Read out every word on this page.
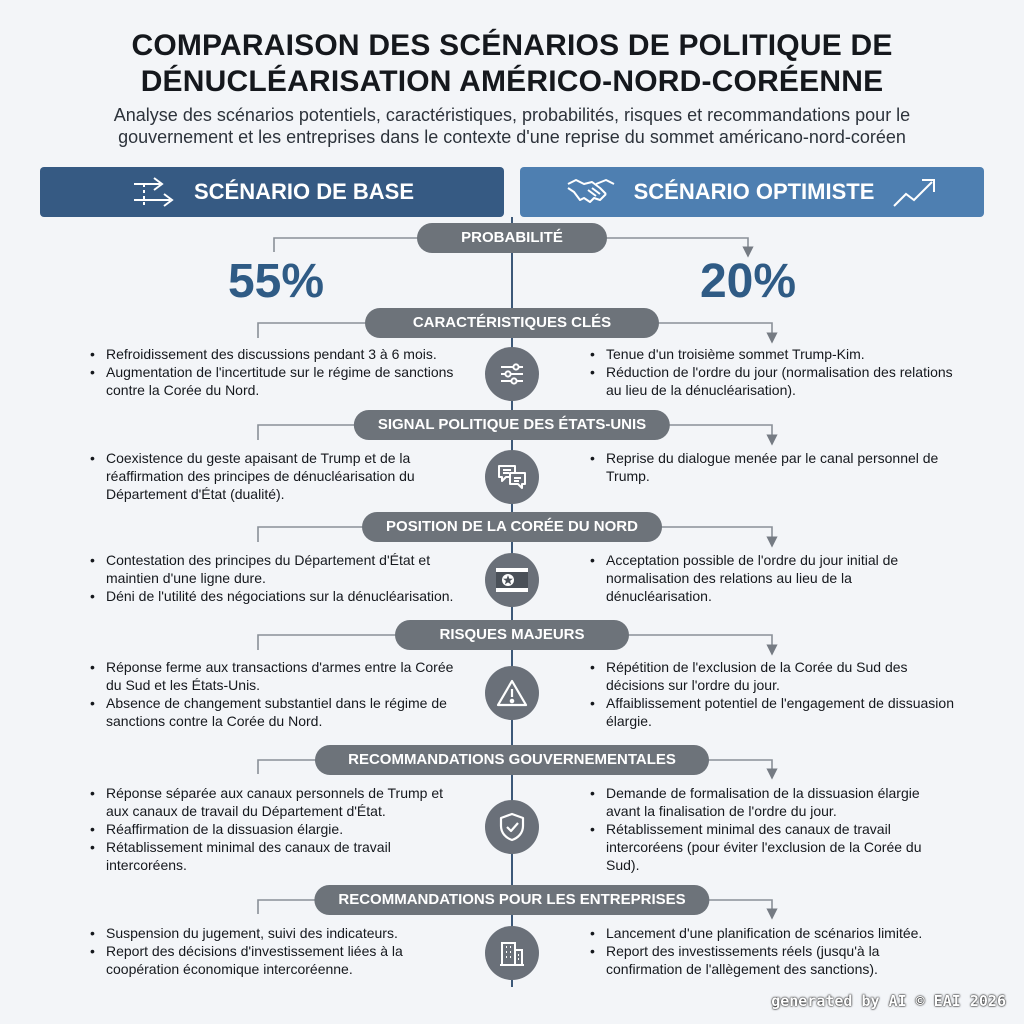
COMPARAISON DES SCÉNARIOS DE POLITIQUE DE
DÉNUCLÉARISATION AMÉRICO-NORD-CORÉENNE
Analyse des scénarios potentiels, caractéristiques, probabilités, risques et recommandations pour le
gouvernement et les entreprises dans le contexte d'une reprise du sommet américano-nord-coréen
SCÉNARIO DE BASE	SCÉNARIO OPTIMISTE
PROBABILITÉ
55%	20%
CARACTÉRISTIQUES CLÉS
• Refroidissement des discussions pendant 3 à 6 mois.
• Augmentation de l'incertitude sur le régime de sanctions contre la Corée du Nord.
• Tenue d'un troisième sommet Trump-Kim.
• Réduction de l'ordre du jour (normalisation des relations au lieu de la dénucléarisation).
SIGNAL POLITIQUE DES ÉTATS-UNIS
• Coexistence du geste apaisant de Trump et de la réaffirmation des principes de dénucléarisation du Département d'État (dualité).
• Reprise du dialogue menée par le canal personnel de Trump.
POSITION DE LA CORÉE DU NORD
• Contestation des principes du Département d'État et maintien d'une ligne dure.
• Déni de l'utilité des négociations sur la dénucléarisation.
• Acceptation possible de l'ordre du jour initial de normalisation des relations au lieu de la dénucléarisation.
RISQUES MAJEURS
• Réponse ferme aux transactions d'armes entre la Corée du Sud et les États-Unis.
• Absence de changement substantiel dans le régime de sanctions contre la Corée du Nord.
• Répétition de l'exclusion de la Corée du Sud des décisions sur l'ordre du jour.
• Affaiblissement potentiel de l'engagement de dissuasion élargie.
RECOMMANDATIONS GOUVERNEMENTALES
• Réponse séparée aux canaux personnels de Trump et aux canaux de travail du Département d'État.
• Réaffirmation de la dissuasion élargie.
• Rétablissement minimal des canaux de travail intercoréens.
• Demande de formalisation de la dissuasion élargie avant la finalisation de l'ordre du jour.
• Rétablissement minimal des canaux de travail intercoréens (pour éviter l'exclusion de la Corée du Sud).
RECOMMANDATIONS POUR LES ENTREPRISES
• Suspension du jugement, suivi des indicateurs.
• Report des décisions d'investissement liées à la coopération économique intercoréenne.
• Lancement d'une planification de scénarios limitée.
• Report des investissements réels (jusqu'à la confirmation de l'allègement des sanctions).
generated by AI © EAI 2026
